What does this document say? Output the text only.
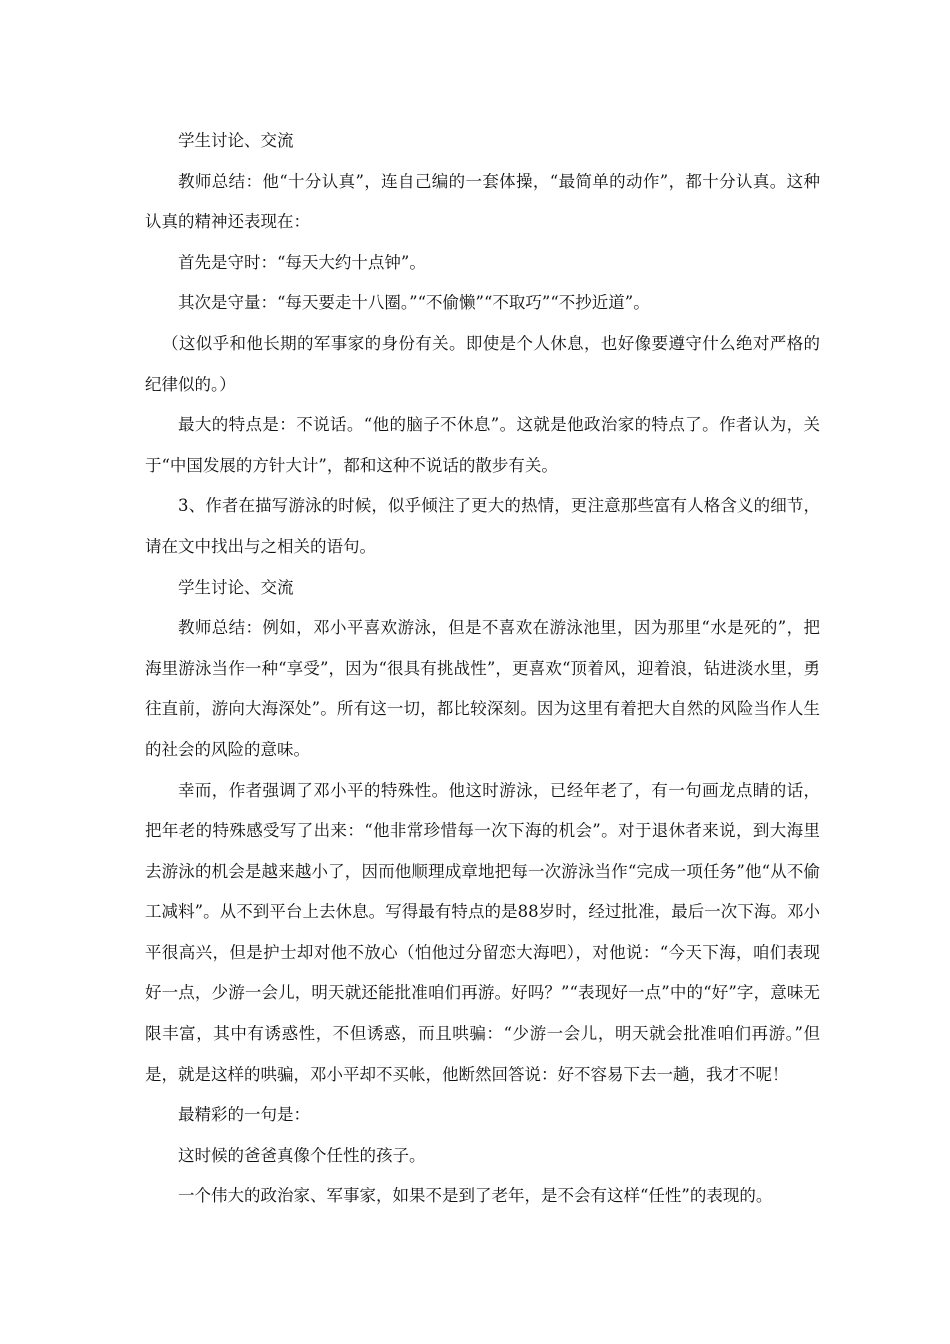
学生讨论、交流

教师总结：他“十分认真”，连自己编的一套体操，“最简单的动作”，都十分认真。这种认真的精神还表现在：

首先是守时：“每天大约十点钟”。

其次是守量：“每天要走十八圈。”“不偷懒”“不取巧”“不抄近道”。

（这似乎和他长期的军事家的身份有关。即使是个人休息，也好像要遵守什么绝对严格的纪律似的。）

最大的特点是：不说话。“他的脑子不休息”。这就是他政治家的特点了。作者认为，关于“中国发展的方针大计”，都和这种不说话的散步有关。

3、作者在描写游泳的时候，似乎倾注了更大的热情，更注意那些富有人格含义的细节，请在文中找出与之相关的语句。

学生讨论、交流

教师总结：例如，邓小平喜欢游泳，但是不喜欢在游泳池里，因为那里“水是死的”，把海里游泳当作一种“享受”，因为“很具有挑战性”，更喜欢“顶着风，迎着浪，钻进淡水里，勇往直前，游向大海深处”。所有这一切，都比较深刻。因为这里有着把大自然的风险当作人生的社会的风险的意味。

幸而，作者强调了邓小平的特殊性。他这时游泳，已经年老了，有一句画龙点睛的话，把年老的特殊感受写了出来：“他非常珍惜每一次下海的机会”。对于退休者来说，到大海里去游泳的机会是越来越小了，因而他顺理成章地把每一次游泳当作“完成一项任务”他“从不偷工减料”。从不到平台上去休息。写得最有特点的是88岁时，经过批准，最后一次下海。邓小平很高兴，但是护士却对他不放心（怕他过分留恋大海吧），对他说：“今天下海，咱们表现好一点，少游一会儿，明天就还能批准咱们再游。好吗？”“表现好一点”中的“好”字，意味无限丰富，其中有诱惑性，不但诱惑，而且哄骗：“少游一会儿，明天就会批准咱们再游。”但是，就是这样的哄骗，邓小平却不买帐，他断然回答说：好不容易下去一趟，我才不呢！

最精彩的一句是：

这时候的爸爸真像个任性的孩子。

一个伟大的政治家、军事家，如果不是到了老年，是不会有这样“任性”的表现的。
